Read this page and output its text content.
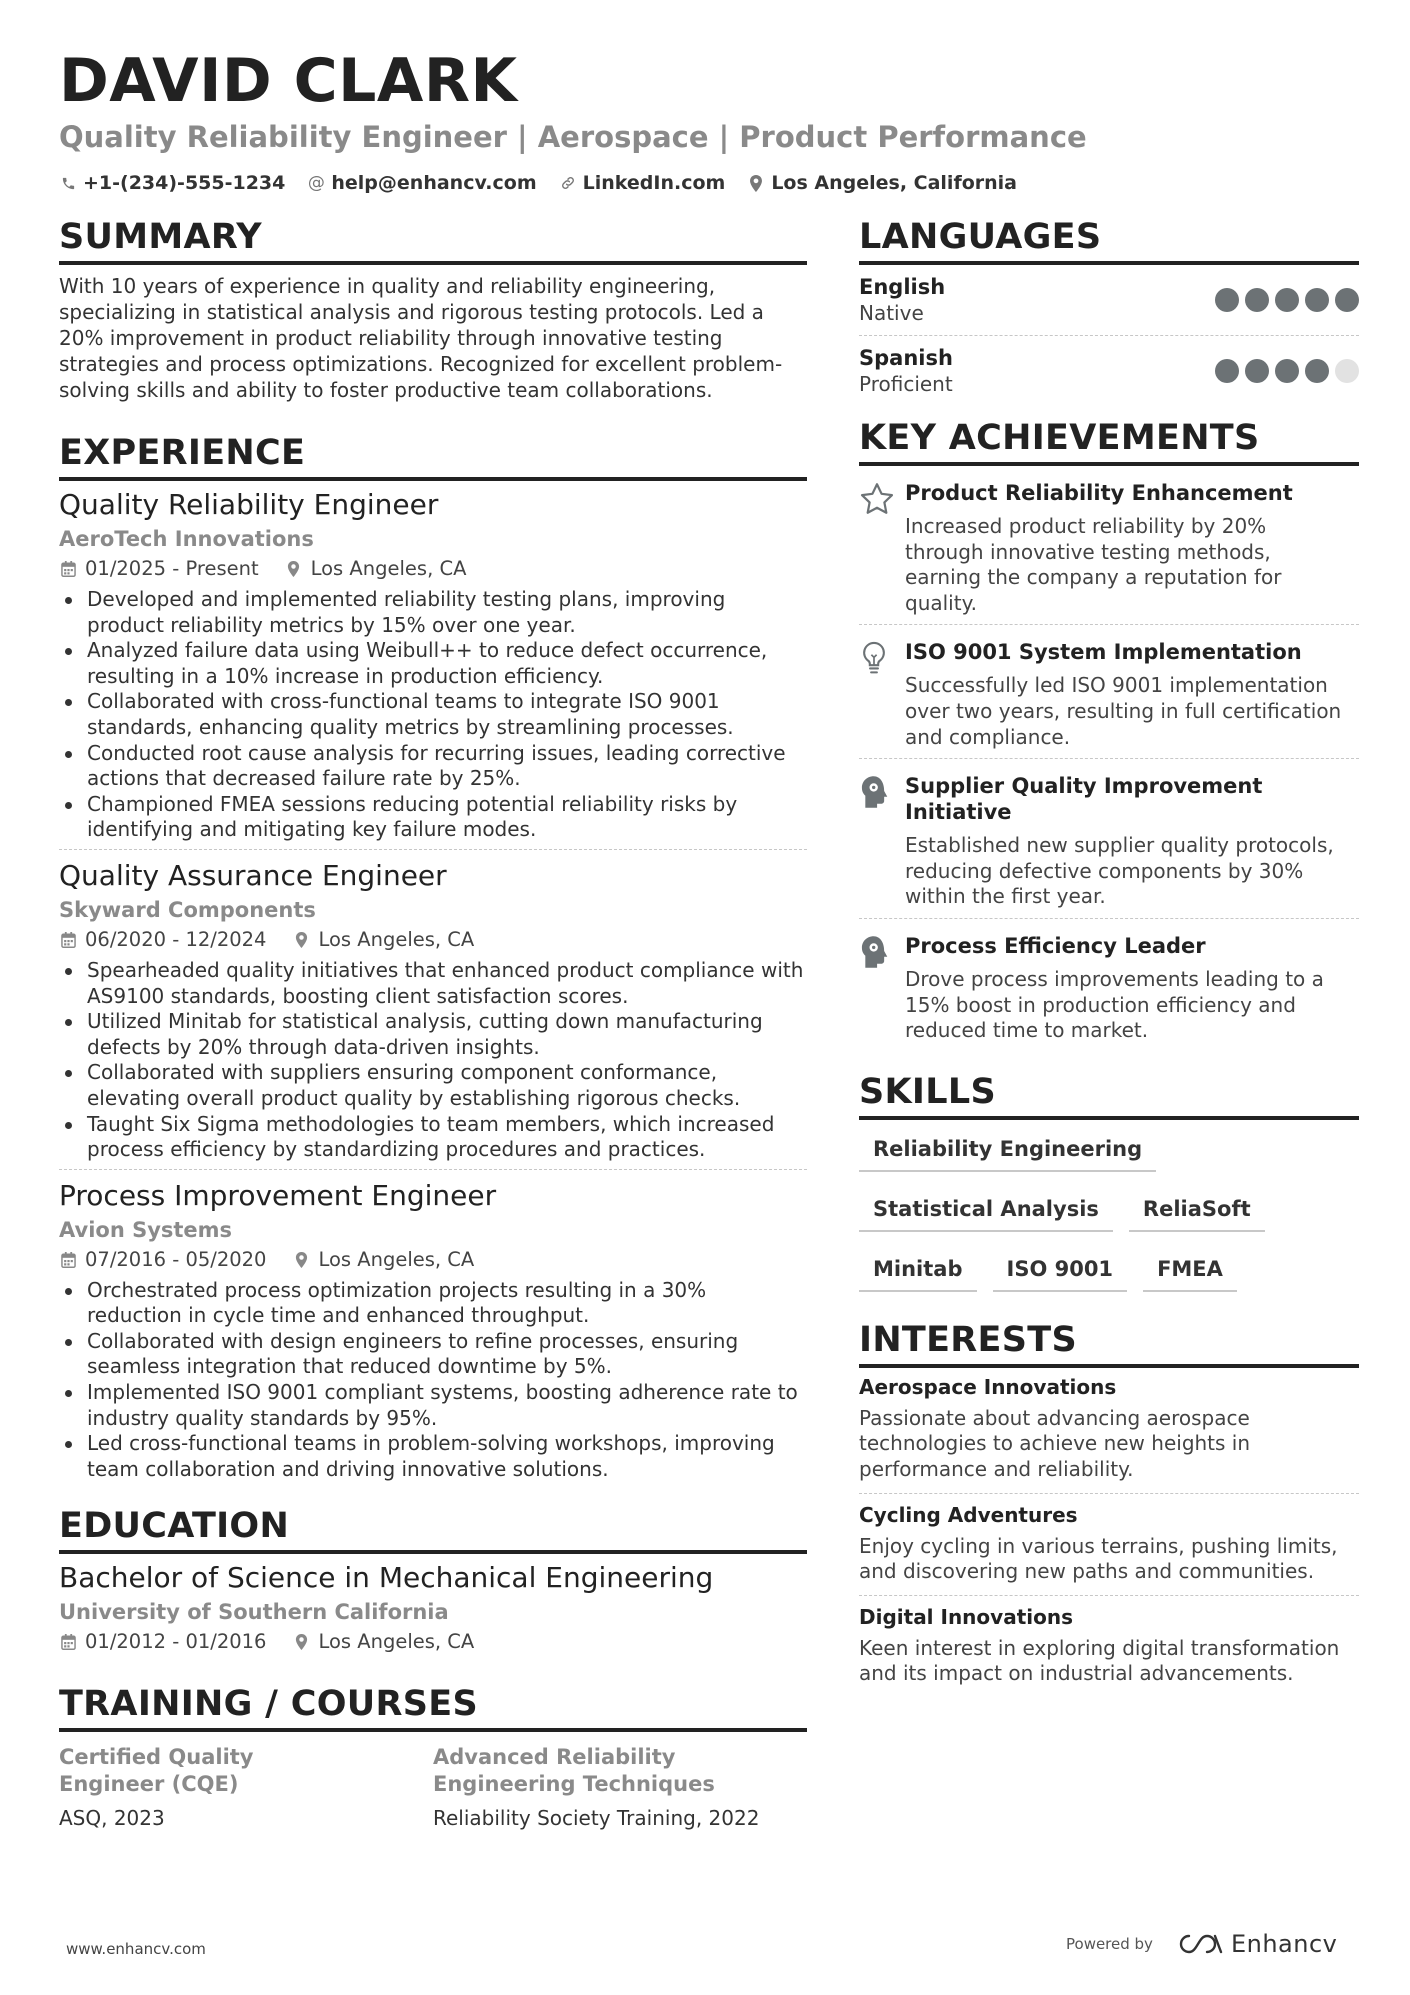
DAVID CLARK
Quality Reliability Engineer | Aerospace | Product Performance
+1-(234)-555-1234 @ help@enhancv.com LinkedIn.com Los Angeles, California
SUMMARY
With 10 years of experience in quality and reliability engineering, specializing in statistical analysis and rigorous testing protocols. Led a 20% improvement in product reliability through innovative testing strategies and process optimizations. Recognized for excellent problem-solving skills and ability to foster productive team collaborations.
EXPERIENCE
Quality Reliability Engineer
AeroTech Innovations
01/2025 - Present	Los Angeles, CA
Developed and implemented reliability testing plans, improving product reliability metrics by 15% over one year.
Analyzed failure data using Weibull++ to reduce defect occurrence, resulting in a 10% increase in production efficiency.
Collaborated with cross-functional teams to integrate ISO 9001 standards, enhancing quality metrics by streamlining processes.
Conducted root cause analysis for recurring issues, leading corrective actions that decreased failure rate by 25%.
Championed FMEA sessions reducing potential reliability risks by identifying and mitigating key failure modes.
Quality Assurance Engineer
Skyward Components
06/2020 - 12/2024	Los Angeles, CA
Spearheaded quality initiatives that enhanced product compliance with AS9100 standards, boosting client satisfaction scores.
Utilized Minitab for statistical analysis, cutting down manufacturing defects by 20% through data-driven insights.
Collaborated with suppliers ensuring component conformance, elevating overall product quality by establishing rigorous checks.
Taught Six Sigma methodologies to team members, which increased process efficiency by standardizing procedures and practices.
Process Improvement Engineer
Avion Systems
07/2016 - 05/2020	Los Angeles, CA
Orchestrated process optimization projects resulting in a 30% reduction in cycle time and enhanced throughput.
Collaborated with design engineers to refine processes, ensuring seamless integration that reduced downtime by 5%.
Implemented ISO 9001 compliant systems, boosting adherence rate to industry quality standards by 95%.
Led cross-functional teams in problem-solving workshops, improving team collaboration and driving innovative solutions.
EDUCATION
Bachelor of Science in Mechanical Engineering
University of Southern California
01/2012 - 01/2016	Los Angeles, CA
TRAINING / COURSES
Certified Quality Engineer (CQE)
ASQ, 2023
Advanced Reliability Engineering Techniques
Reliability Society Training, 2022
LANGUAGES
English
Native
Spanish
Proficient
KEY ACHIEVEMENTS
Product Reliability Enhancement
Increased product reliability by 20% through innovative testing methods, earning the company a reputation for quality.
ISO 9001 System Implementation
Successfully led ISO 9001 implementation over two years, resulting in full certification and compliance.
Supplier Quality Improvement Initiative
Established new supplier quality protocols, reducing defective components by 30% within the first year.
Process Efficiency Leader
Drove process improvements leading to a 15% boost in production efficiency and reduced time to market.
SKILLS
Reliability Engineering
Statistical Analysis	ReliaSoft
Minitab	ISO 9001	FMEA
INTERESTS
Aerospace Innovations
Passionate about advancing aerospace technologies to achieve new heights in performance and reliability.
Cycling Adventures
Enjoy cycling in various terrains, pushing limits, and discovering new paths and communities.
Digital Innovations
Keen interest in exploring digital transformation and its impact on industrial advancements.
www.enhancv.com	Powered by	Enhancv
